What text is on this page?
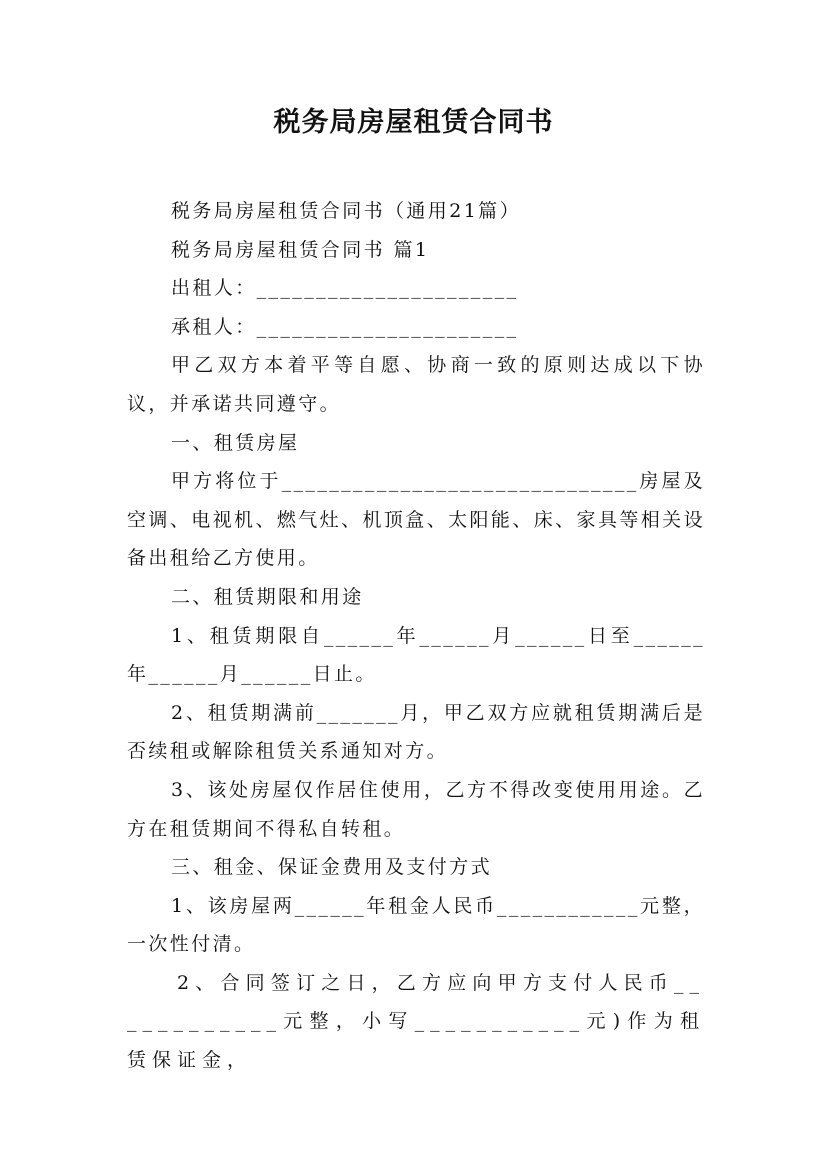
税务局房屋租赁合同书

税务局房屋租赁合同书（通用21篇）

税务局房屋租赁合同书 篇1

出租人：______________________

承租人：______________________

甲乙双方本着平等自愿、协商一致的原则达成以下协议，并承诺共同遵守。

一、租赁房屋

甲方将位于______________________________房屋及空调、电视机、燃气灶、机顶盒、太阳能、床、家具等相关设备出租给乙方使用。

二、租赁期限和用途

1、租赁期限自______年______月______日至______年______月______日止。

2、租赁期满前_______月，甲乙双方应就租赁期满后是否续租或解除租赁关系通知对方。

3、该处房屋仅作居住使用，乙方不得改变使用用途。乙方在租赁期间不得私自转租。

三、租金、保证金费用及支付方式

1、该房屋两______年租金人民币____________元整，一次性付清。

2、合同签订之日，乙方应向甲方支付人民币____________元整，小写___________元)作为租赁保证金，
